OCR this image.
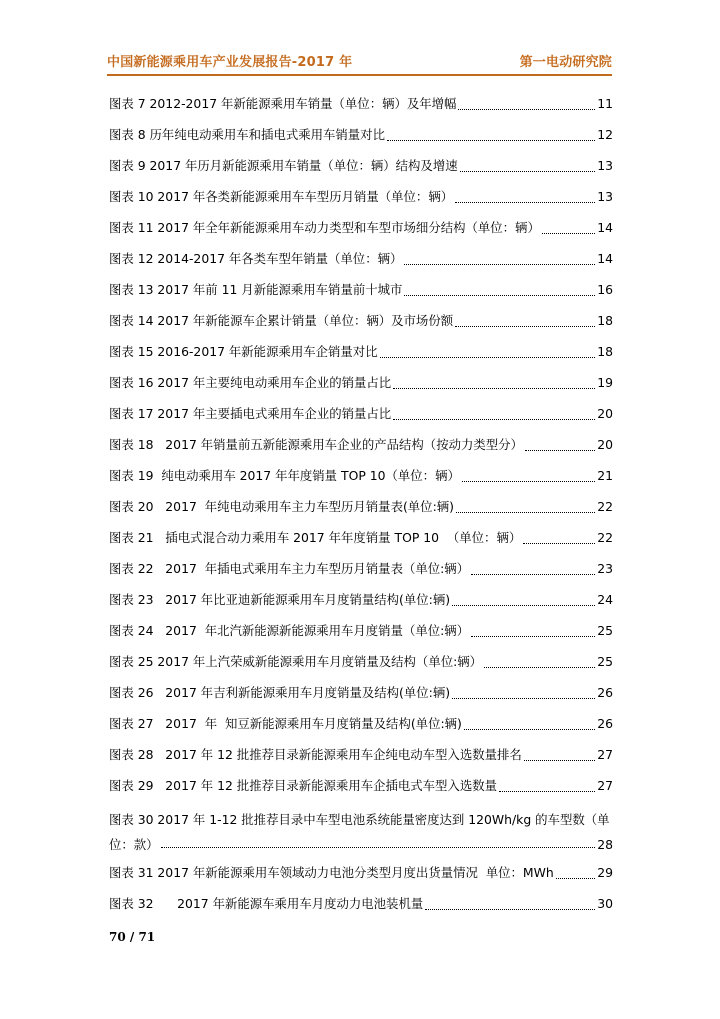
中国新能源乘用车产业发展报告-2017 年	第一电动研究院
图表 7 2012-2017 年新能源乘用车销量（单位：辆）及年增幅	11
图表 8 历年纯电动乘用车和插电式乘用车销量对比	12
图表 9 2017 年历月新能源乘用车销量（单位：辆）结构及增速	13
图表 10 2017 年各类新能源乘用车车型历月销量（单位：辆）	13
图表 11 2017 年全年新能源乘用车动力类型和车型市场细分结构（单位：辆）	14
图表 12 2014-2017 年各类车型年销量（单位：辆）	14
图表 13 2017 年前 11 月新能源乘用车销量前十城市	16
图表 14 2017 年新能源车企累计销量（单位：辆）及市场份额	18
图表 15 2016-2017 年新能源乘用车企销量对比	18
图表 16 2017 年主要纯电动乘用车企业的销量占比	19
图表 17 2017 年主要插电式乘用车企业的销量占比	20
图表 18   2017 年销量前五新能源乘用车企业的产品结构（按动力类型分）	20
图表 19  纯电动乘用车 2017 年年度销量 TOP 10（单位：辆）	21
图表 20   2017  年纯电动乘用车主力车型历月销量表(单位:辆)	22
图表 21   插电式混合动力乘用车 2017 年年度销量 TOP 10  （单位：辆）	22
图表 22   2017  年插电式乘用车主力车型历月销量表（单位:辆）	23
图表 23   2017 年比亚迪新能源乘用车月度销量结构(单位:辆)	24
图表 24   2017  年北汽新能源新能源乘用车月度销量（单位:辆）	25
图表 25 2017 年上汽荣威新能源乘用车月度销量及结构（单位:辆）	25
图表 26   2017 年吉利新能源乘用车月度销量及结构(单位:辆)	26
图表 27   2017  年  知豆新能源乘用车月度销量及结构(单位:辆)	26
图表 28   2017 年 12 批推荐目录新能源乘用车企纯电动车型入选数量排名	27
图表 29   2017 年 12 批推荐目录新能源乘用车企插电式车型入选数量	27
图表 30 2017 年 1-12 批推荐目录中车型电池系统能量密度达到 120Wh/kg 的车型数（单
位：款）	28
图表 31 2017 年新能源乘用车领域动力电池分类型月度出货量情况  单位：MWh	29
图表 32      2017 年新能源车乘用车月度动力电池装机量	30
70 / 71
